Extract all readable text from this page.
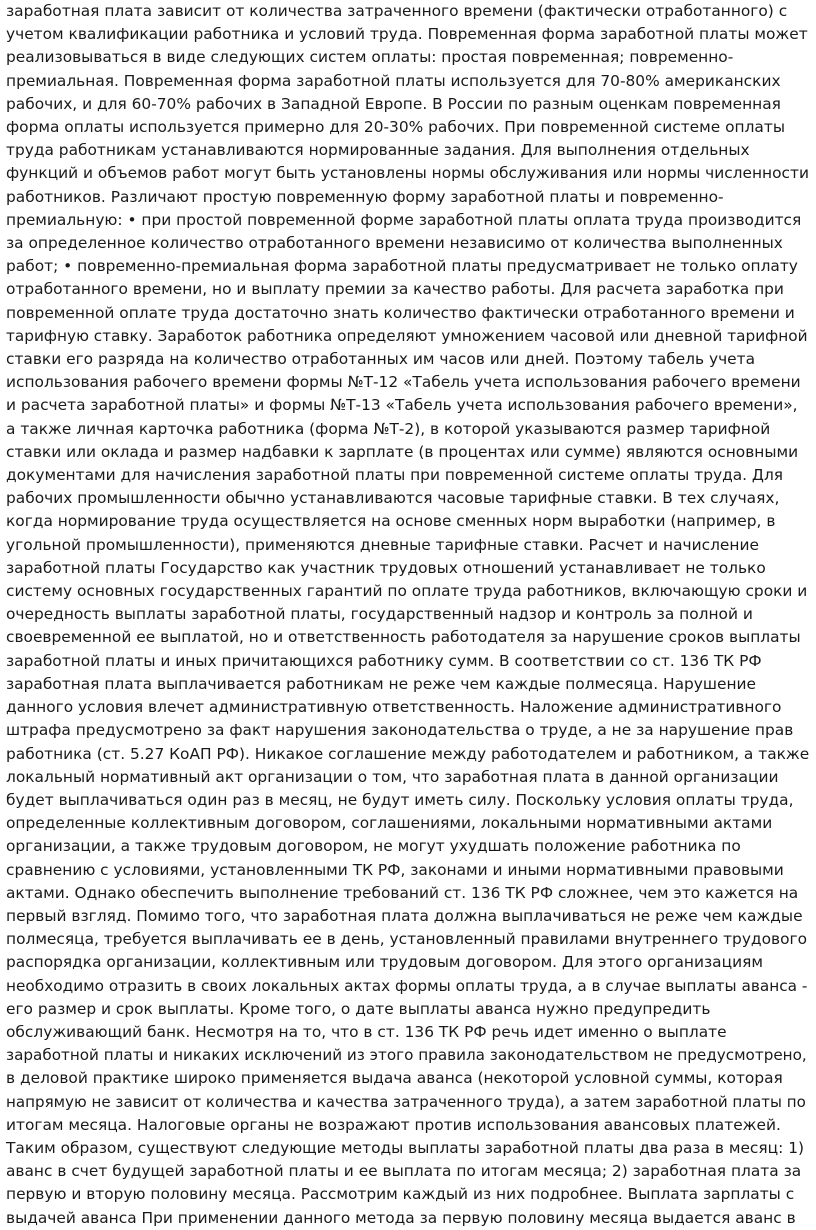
заработная плата зависит от количества затраченного времени (фактически отработанного) с
учетом квалификации работника и условий труда. Повременная форма заработной платы может
реализовываться в виде следующих систем оплаты: простая повременная; повременно-
премиальная. Повременная форма заработной платы используется для 70-80% американских
рабочих, и для 60-70% рабочих в Западной Европе. В России по разным оценкам повременная
форма оплаты используется примерно для 20-30% рабочих. При повременной системе оплаты
труда работникам устанавливаются нормированные задания. Для выполнения отдельных
функций и объемов работ могут быть установлены нормы обслуживания или нормы численности
работников. Различают простую повременную форму заработной платы и повременно-
премиальную: • при простой повременной форме заработной платы оплата труда производится
за определенное количество отработанного времени независимо от количества выполненных
работ; • повременно-премиальная форма заработной платы предусматривает не только оплату
отработанного времени, но и выплату премии за качество работы. Для расчета заработка при
повременной оплате труда достаточно знать количество фактически отработанного времени и
тарифную ставку. Заработок работника определяют умножением часовой или дневной тарифной
ставки его разряда на количество отработанных им часов или дней. Поэтому табель учета
использования рабочего времени формы №Т-12 «Табель учета использования рабочего времени
и расчета заработной платы» и формы №Т-13 «Табель учета использования рабочего времени»,
а также личная карточка работника (форма №Т-2), в которой указываются размер тарифной
ставки или оклада и размер надбавки к зарплате (в процентах или сумме) являются основными
документами для начисления заработной платы при повременной системе оплаты труда. Для
рабочих промышленности обычно устанавливаются часовые тарифные ставки. В тех случаях,
когда нормирование труда осуществляется на основе сменных норм выработки (например, в
угольной промышленности), применяются дневные тарифные ставки. Расчет и начисление
заработной платы Государство как участник трудовых отношений устанавливает не только
систему основных государственных гарантий по оплате труда работников, включающую сроки и
очередность выплаты заработной платы, государственный надзор и контроль за полной и
своевременной ее выплатой, но и ответственность работодателя за нарушение сроков выплаты
заработной платы и иных причитающихся работнику сумм. В соответствии со ст. 136 ТК РФ
заработная плата выплачивается работникам не реже чем каждые полмесяца. Нарушение
данного условия влечет административную ответственность. Наложение административного
штрафа предусмотрено за факт нарушения законодательства о труде, а не за нарушение прав
работника (ст. 5.27 КоАП РФ). Никакое соглашение между работодателем и работником, а также
локальный нормативный акт организации о том, что заработная плата в данной организации
будет выплачиваться один раз в месяц, не будут иметь силу. Поскольку условия оплаты труда,
определенные коллективным договором, соглашениями, локальными нормативными актами
организации, а также трудовым договором, не могут ухудшать положение работника по
сравнению с условиями, установленными ТК РФ, законами и иными нормативными правовыми
актами. Однако обеспечить выполнение требований ст. 136 ТК РФ сложнее, чем это кажется на
первый взгляд. Помимо того, что заработная плата должна выплачиваться не реже чем каждые
полмесяца, требуется выплачивать ее в день, установленный правилами внутреннего трудового
распорядка организации, коллективным или трудовым договором. Для этого организациям
необходимо отразить в своих локальных актах формы оплаты труда, а в случае выплаты аванса -
его размер и срок выплаты. Кроме того, о дате выплаты аванса нужно предупредить
обслуживающий банк. Несмотря на то, что в ст. 136 ТК РФ речь идет именно о выплате
заработной платы и никаких исключений из этого правила законодательством не предусмотрено,
в деловой практике широко применяется выдача аванса (некоторой условной суммы, которая
напрямую не зависит от количества и качества затраченного труда), а затем заработной платы по
итогам месяца. Налоговые органы не возражают против использования авансовых платежей.
Таким образом, существуют следующие методы выплаты заработной платы два раза в месяц: 1)
аванс в счет будущей заработной платы и ее выплата по итогам месяца; 2) заработная плата за
первую и вторую половину месяца. Рассмотрим каждый из них подробнее. Выплата зарплаты с
выдачей аванса При применении данного метода за первую половину месяца выдается аванс в
